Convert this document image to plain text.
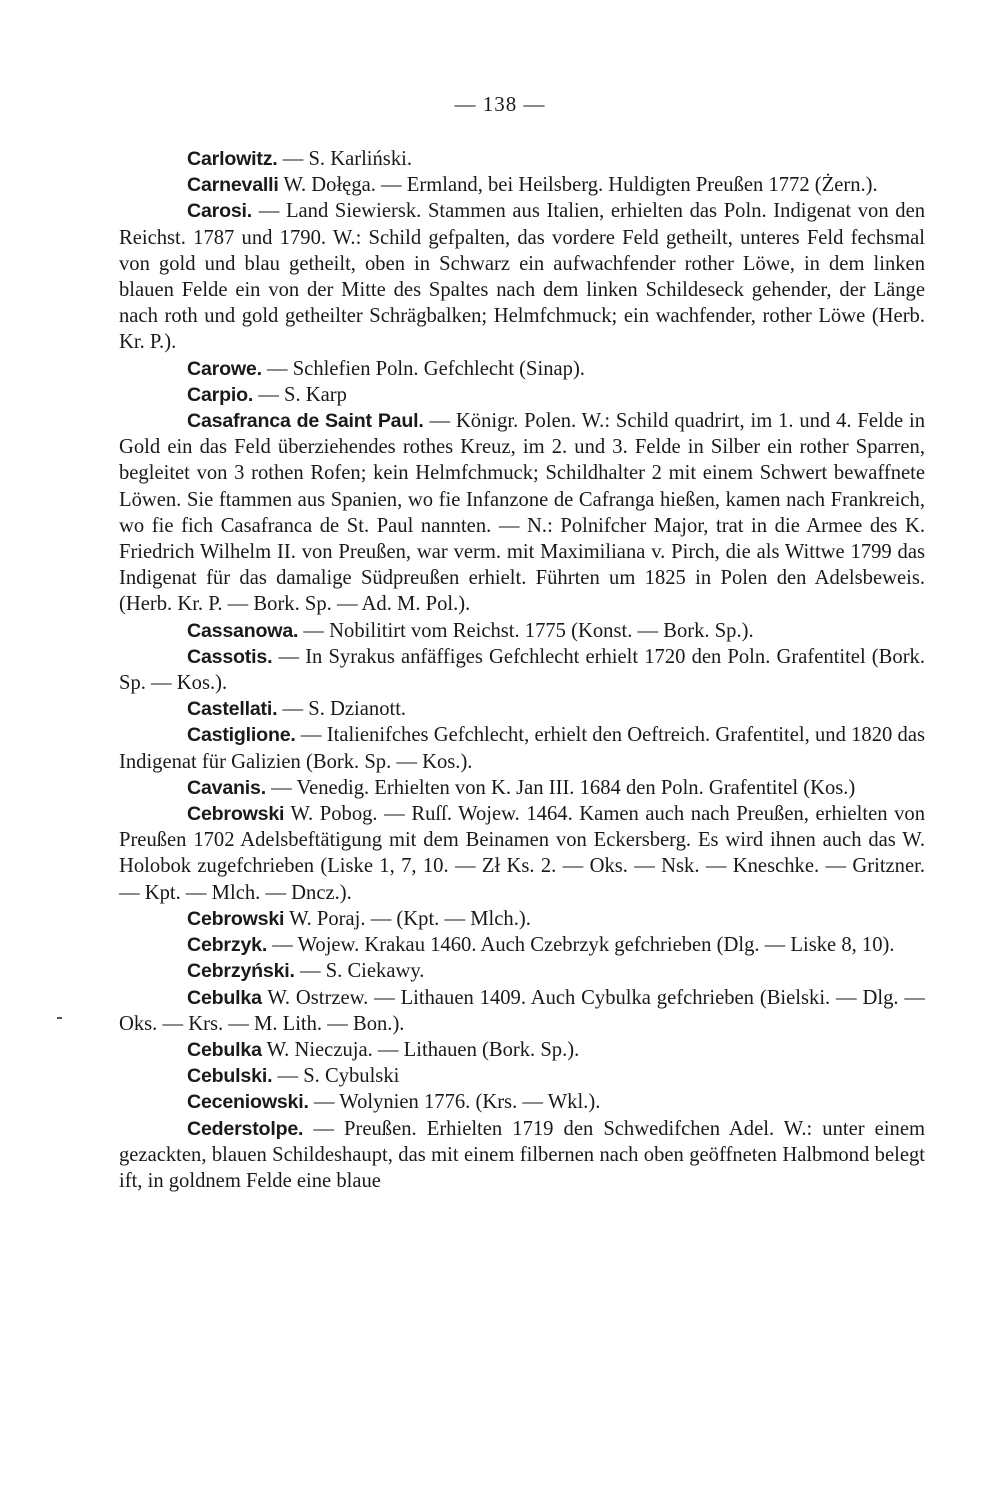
— 138 —

Carlowitz. — S. Karliński.

Carnevalli W. Dołęga. — Ermland, bei Heilsberg. Huldigten Preußen 1772 (Żern.).

Carosi. — Land Siewiersk. Stammen aus Italien, erhielten das Poln. Indigenat von den Reichst. 1787 und 1790. W.: Schild gefpalten, das vordere Feld getheilt, unteres Feld fechsmal von gold und blau getheilt, oben in Schwarz ein aufwachfender rother Löwe, in dem linken blauen Felde ein von der Mitte des Spaltes nach dem linken Schildeseck gehender, der Länge nach roth und gold getheilter Schrägbalken; Helmfchmuck; ein wachfender, rother Löwe (Herb. Kr. P.).

Carowe. — Schlefien Poln. Gefchlecht (Sinap).

Carpio. — S. Karp

Casafranca de Saint Paul. — Königr. Polen. W.: Schild quadrirt, im 1. und 4. Felde in Gold ein das Feld überziehendes rothes Kreuz, im 2. und 3. Felde in Silber ein rother Sparren, begleitet von 3 rothen Rofen; kein Helmfchmuck; Schildhalter 2 mit einem Schwert bewaffnete Löwen. Sie ftammen aus Spanien, wo fie Infanzone de Cafranga hießen, kamen nach Frankreich, wo fie fich Casafranca de St. Paul nannten. — N.: Polnifcher Major, trat in die Armee des K. Friedrich Wilhelm II. von Preußen, war verm. mit Maximiliana v. Pirch, die als Wittwe 1799 das Indigenat für das damalige Südpreußen erhielt. Führten um 1825 in Polen den Adelsbeweis. (Herb. Kr. P. — Bork. Sp. — Ad. M. Pol.).

Cassanowa. — Nobilitirt vom Reichst. 1775 (Konst. — Bork. Sp.).

Cassotis. — In Syrakus anfäffiges Gefchlecht erhielt 1720 den Poln. Grafentitel (Bork. Sp. — Kos.).

Castellati. — S. Dzianott.

Castiglione. — Italienifches Gefchlecht, erhielt den Oeftreich. Grafentitel, und 1820 das Indigenat für Galizien (Bork. Sp. — Kos.).

Cavanis. — Venedig. Erhielten von K. Jan III. 1684 den Poln. Grafentitel (Kos.)

Cebrowski W. Pobog. — Ruſſ. Wojew. 1464. Kamen auch nach Preußen, erhielten von Preußen 1702 Adelsbeftätigung mit dem Beinamen von Eckersberg. Es wird ihnen auch das W. Holobok zugefchrieben (Liske 1, 7, 10. — Zł Ks. 2. — Oks. — Nsk. — Kneschke. — Gritzner. — Kpt. — Mlch. — Dncz.).

Cebrowski W. Poraj. — (Kpt. — Mlch.).

Cebrzyk. — Wojew. Krakau 1460. Auch Czebrzyk gefchrieben (Dlg. — Liske 8, 10).

Cebrzyński. — S. Ciekawy.

Cebulka W. Ostrzew. — Lithauen 1409. Auch Cybulka gefchrieben (Bielski. — Dlg. — Oks. — Krs. — M. Lith. — Bon.).

Cebulka W. Nieczuja. — Lithauen (Bork. Sp.).

Cebulski. — S. Cybulski

Ceceniowski. — Wolynien 1776. (Krs. — Wkl.).

Cederstolpe. — Preußen. Erhielten 1719 den Schwedifchen Adel. W.: unter einem gezackten, blauen Schildeshaupt, das mit einem filbernen nach oben geöffneten Halbmond belegt ift, in goldnem Felde eine blaue
